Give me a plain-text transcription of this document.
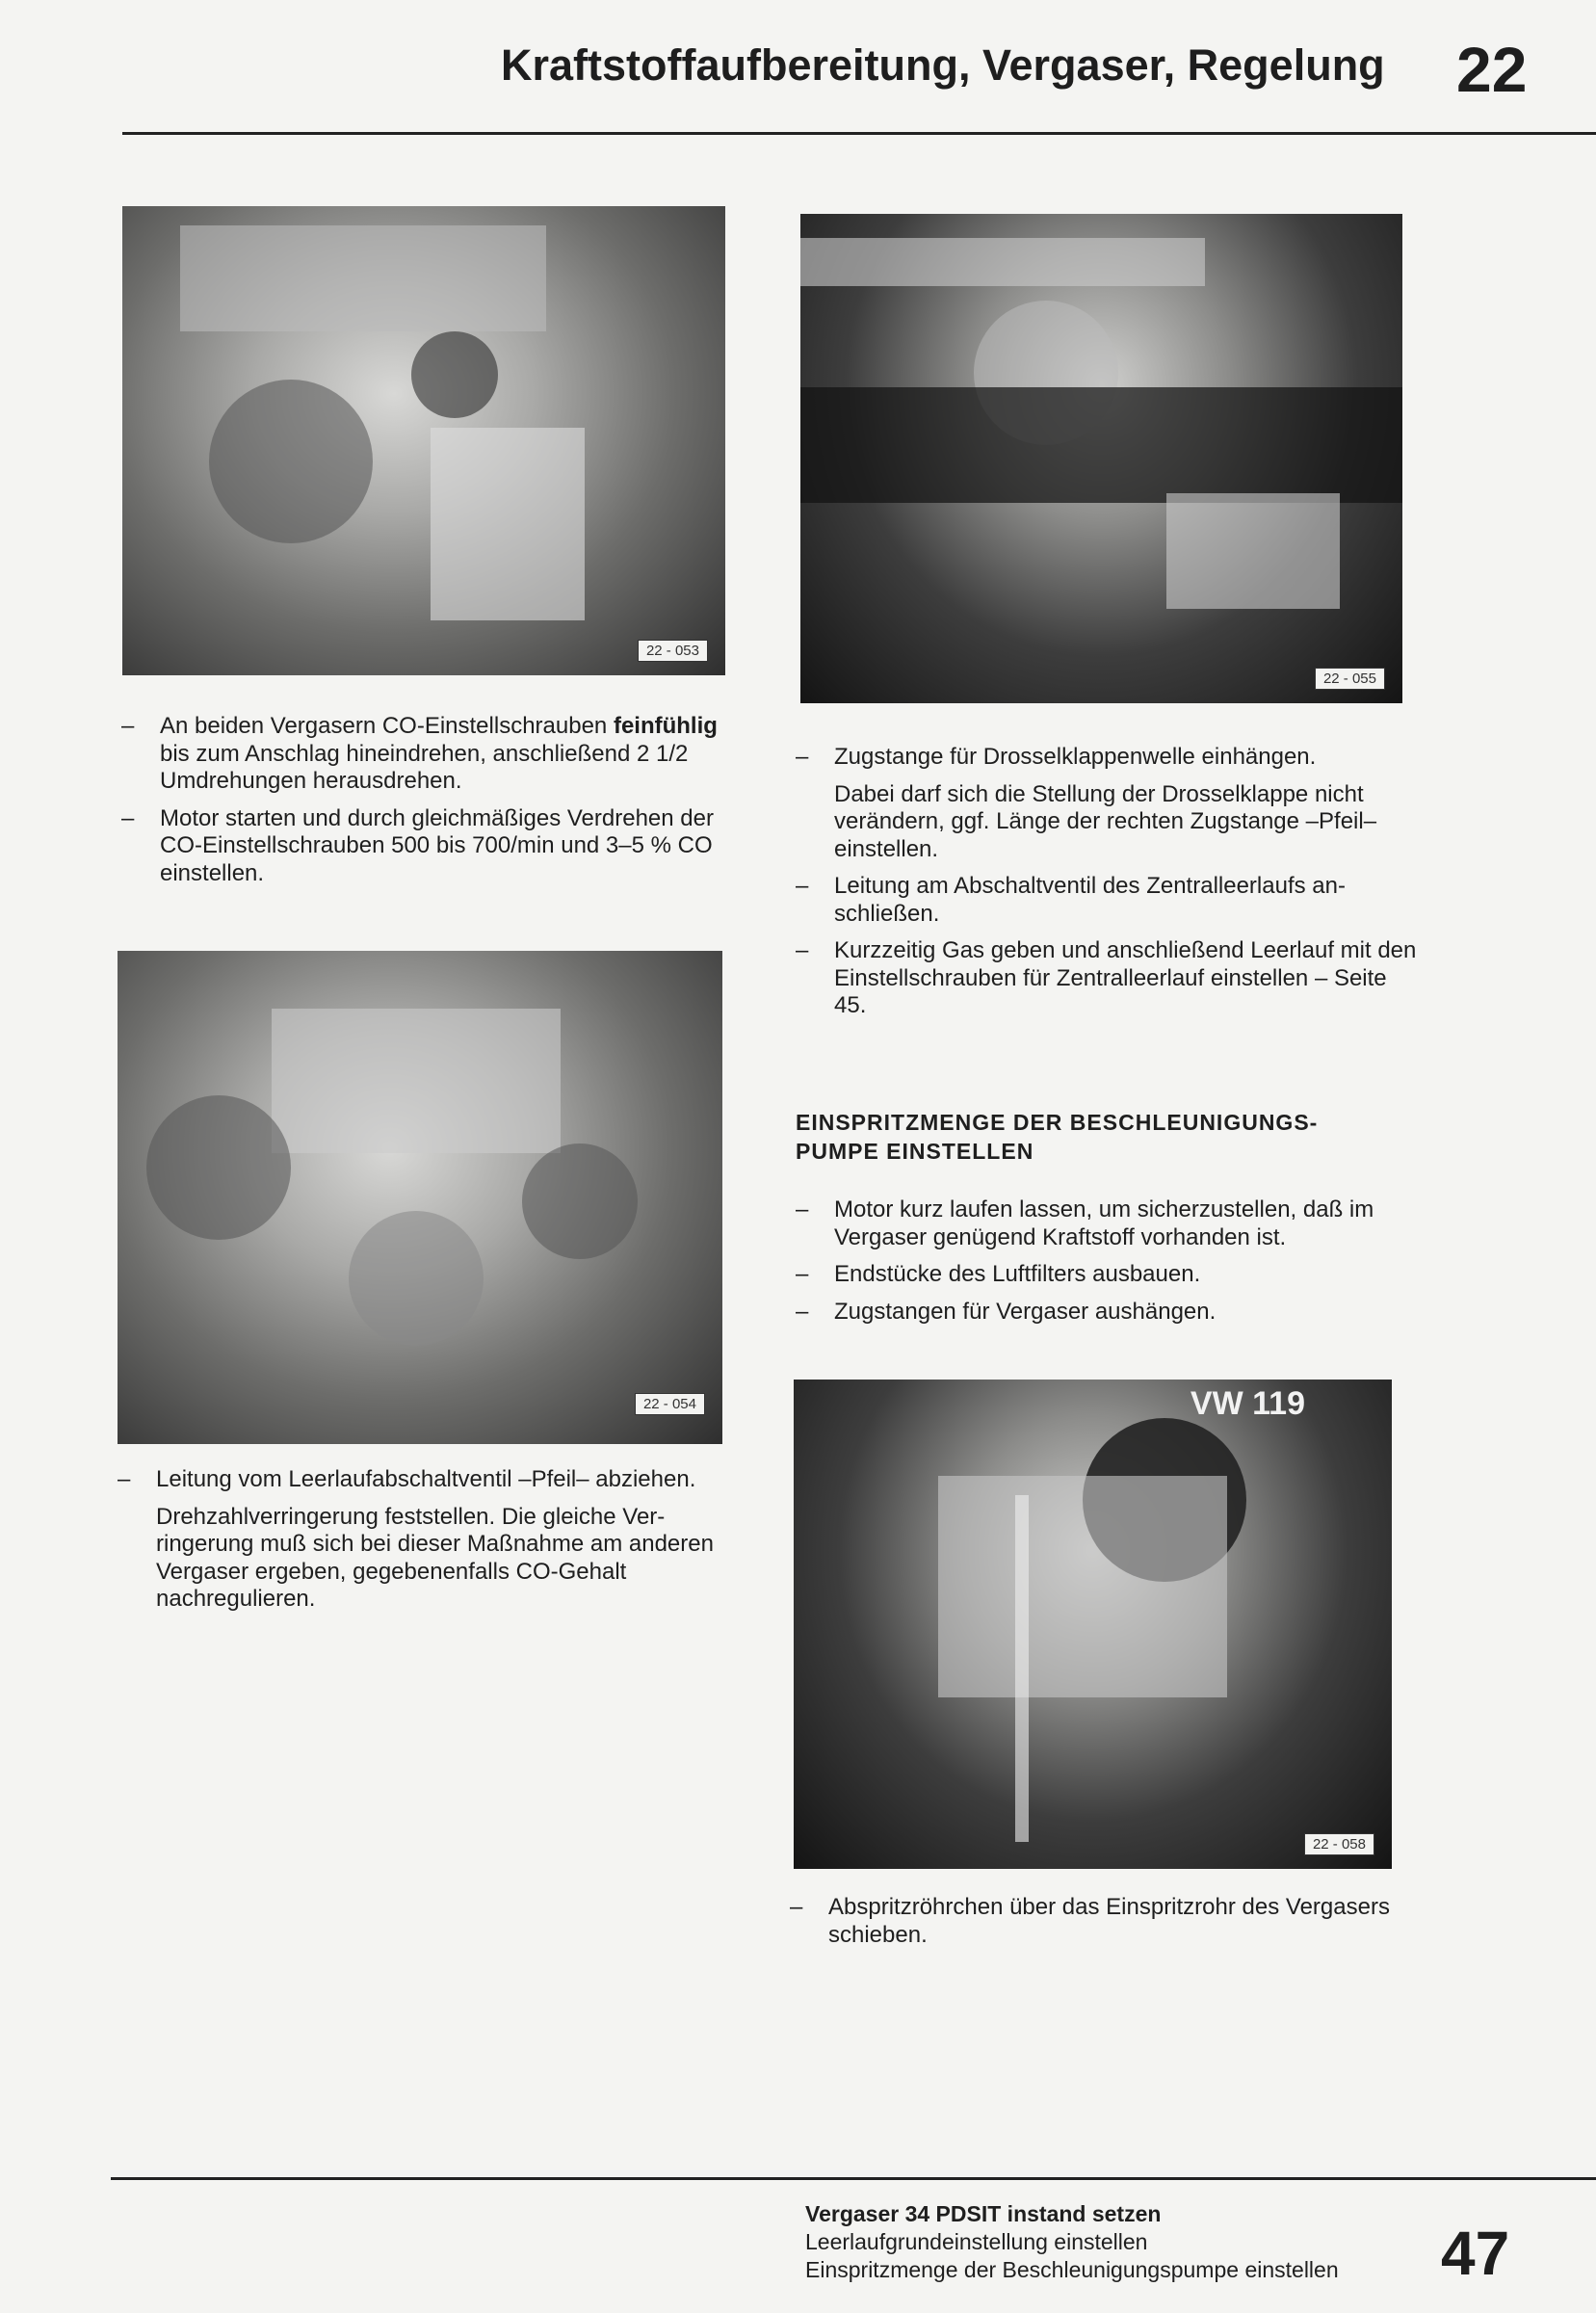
Kraftstoffaufbereitung, Vergaser, Regelung 22
22 - 053
22 - 055
– An beiden Vergasern CO-Einstellschrauben feinfühlig bis zum Anschlag hineindrehen, anschließend 2 1/2 Umdrehungen herausdrehen.
– Motor starten und durch gleichmäßiges Verdrehen der CO-Einstellschrauben 500 bis 700/min und 3–5 % CO einstellen.
– Zugstange für Drosselklappenwelle einhängen.
Dabei darf sich die Stellung der Drosselklappe nicht verändern, ggf. Länge der rechten Zugstange –Pfeil– einstellen.
– Leitung am Abschaltventil des Zentralleerlaufs anschließen.
– Kurzzeitig Gas geben und anschließend Leerlauf mit den Einstellschrauben für Zentralleerlauf einstellen – Seite 45.
22 - 054
EINSPRITZMENGE DER BESCHLEUNIGUNGSPUMPE EINSTELLEN
– Motor kurz laufen lassen, um sicherzustellen, daß im Vergaser genügend Kraftstoff vorhanden ist.
– Endstücke des Luftfilters ausbauen.
– Zugstangen für Vergaser aushängen.
VW 119
22 - 058
– Leitung vom Leerlaufabschaltventil –Pfeil– abziehen.
Drehzahlverringerung feststellen. Die gleiche Verringerung muß sich bei dieser Maßnahme am anderen Vergaser ergeben, gegebenenfalls CO-Gehalt nachregulieren.
– Abspritzröhrchen über das Einspritzrohr des Vergasers schieben.
Vergaser 34 PDSIT instand setzen
Leerlaufgrundeinstellung einstellen
Einspritzmenge der Beschleunigungspumpe einstellen 47
